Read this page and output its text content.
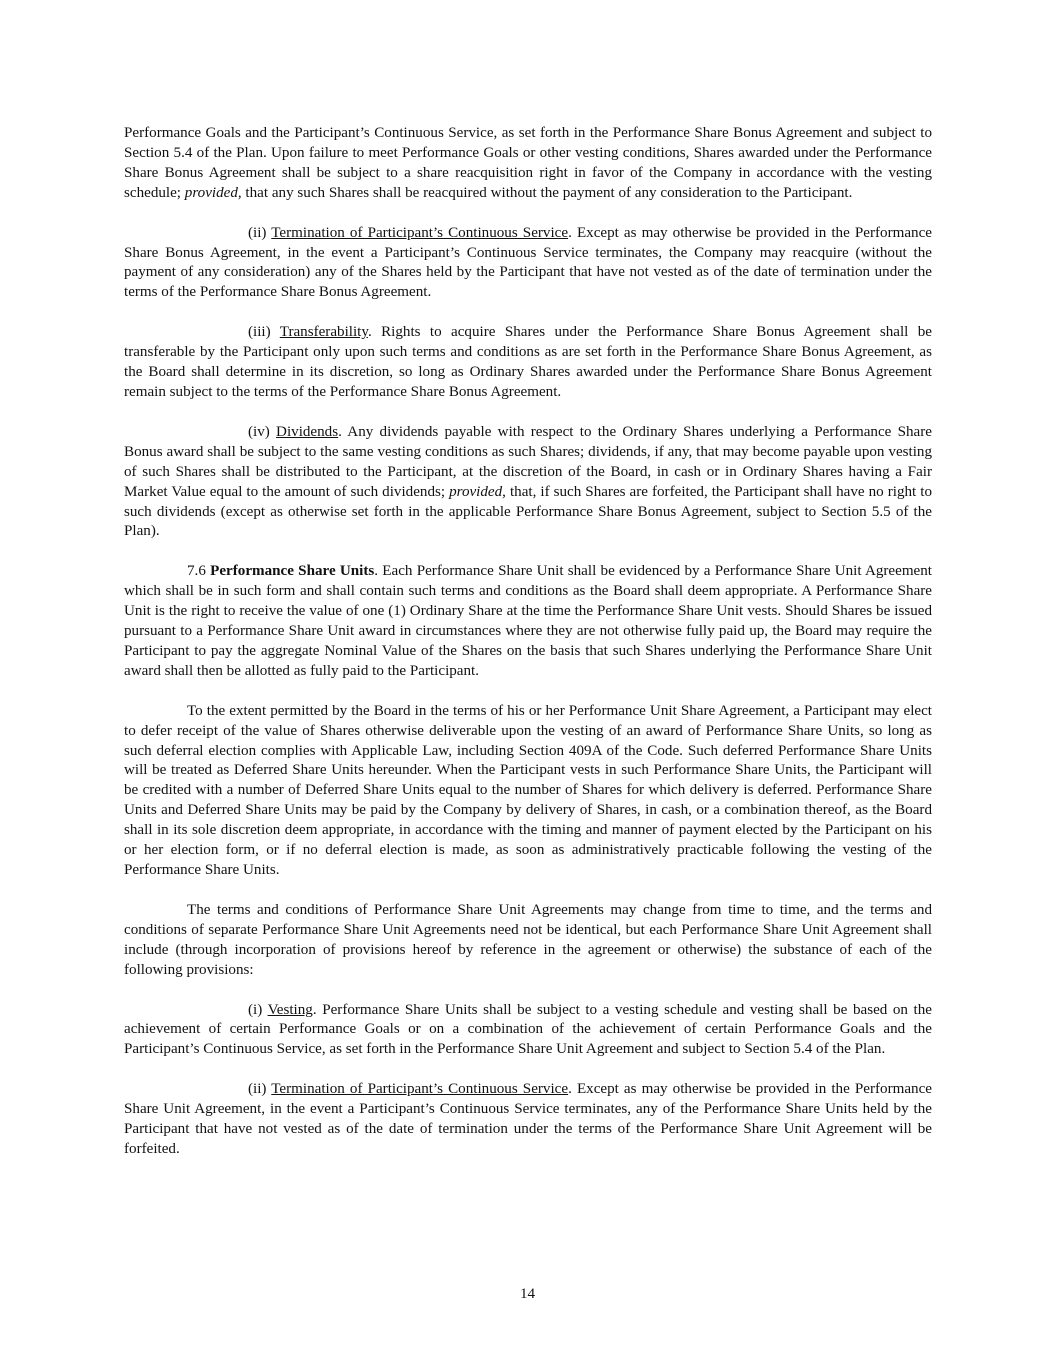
Performance Goals and the Participant’s Continuous Service, as set forth in the Performance Share Bonus Agreement and subject to Section 5.4 of the Plan. Upon failure to meet Performance Goals or other vesting conditions, Shares awarded under the Performance Share Bonus Agreement shall be subject to a share reacquisition right in favor of the Company in accordance with the vesting schedule; provided, that any such Shares shall be reacquired without the payment of any consideration to the Participant.

(ii) Termination of Participant’s Continuous Service. Except as may otherwise be provided in the Performance Share Bonus Agreement, in the event a Participant’s Continuous Service terminates, the Company may reacquire (without the payment of any consideration) any of the Shares held by the Participant that have not vested as of the date of termination under the terms of the Performance Share Bonus Agreement.

(iii) Transferability. Rights to acquire Shares under the Performance Share Bonus Agreement shall be transferable by the Participant only upon such terms and conditions as are set forth in the Performance Share Bonus Agreement, as the Board shall determine in its discretion, so long as Ordinary Shares awarded under the Performance Share Bonus Agreement remain subject to the terms of the Performance Share Bonus Agreement.

(iv) Dividends. Any dividends payable with respect to the Ordinary Shares underlying a Performance Share Bonus award shall be subject to the same vesting conditions as such Shares; dividends, if any, that may become payable upon vesting of such Shares shall be distributed to the Participant, at the discretion of the Board, in cash or in Ordinary Shares having a Fair Market Value equal to the amount of such dividends; provided, that, if such Shares are forfeited, the Participant shall have no right to such dividends (except as otherwise set forth in the applicable Performance Share Bonus Agreement, subject to Section 5.5 of the Plan).

7.6 Performance Share Units. Each Performance Share Unit shall be evidenced by a Performance Share Unit Agreement which shall be in such form and shall contain such terms and conditions as the Board shall deem appropriate. A Performance Share Unit is the right to receive the value of one (1) Ordinary Share at the time the Performance Share Unit vests. Should Shares be issued pursuant to a Performance Share Unit award in circumstances where they are not otherwise fully paid up, the Board may require the Participant to pay the aggregate Nominal Value of the Shares on the basis that such Shares underlying the Performance Share Unit award shall then be allotted as fully paid to the Participant.

To the extent permitted by the Board in the terms of his or her Performance Unit Share Agreement, a Participant may elect to defer receipt of the value of Shares otherwise deliverable upon the vesting of an award of Performance Share Units, so long as such deferral election complies with Applicable Law, including Section 409A of the Code. Such deferred Performance Share Units will be treated as Deferred Share Units hereunder. When the Participant vests in such Performance Share Units, the Participant will be credited with a number of Deferred Share Units equal to the number of Shares for which delivery is deferred. Performance Share Units and Deferred Share Units may be paid by the Company by delivery of Shares, in cash, or a combination thereof, as the Board shall in its sole discretion deem appropriate, in accordance with the timing and manner of payment elected by the Participant on his or her election form, or if no deferral election is made, as soon as administratively practicable following the vesting of the Performance Share Units.

The terms and conditions of Performance Share Unit Agreements may change from time to time, and the terms and conditions of separate Performance Share Unit Agreements need not be identical, but each Performance Share Unit Agreement shall include (through incorporation of provisions hereof by reference in the agreement or otherwise) the substance of each of the following provisions:

(i) Vesting. Performance Share Units shall be subject to a vesting schedule and vesting shall be based on the achievement of certain Performance Goals or on a combination of the achievement of certain Performance Goals and the Participant’s Continuous Service, as set forth in the Performance Share Unit Agreement and subject to Section 5.4 of the Plan.

(ii) Termination of Participant’s Continuous Service. Except as may otherwise be provided in the Performance Share Unit Agreement, in the event a Participant’s Continuous Service terminates, any of the Performance Share Units held by the Participant that have not vested as of the date of termination under the terms of the Performance Share Unit Agreement will be forfeited.

14
